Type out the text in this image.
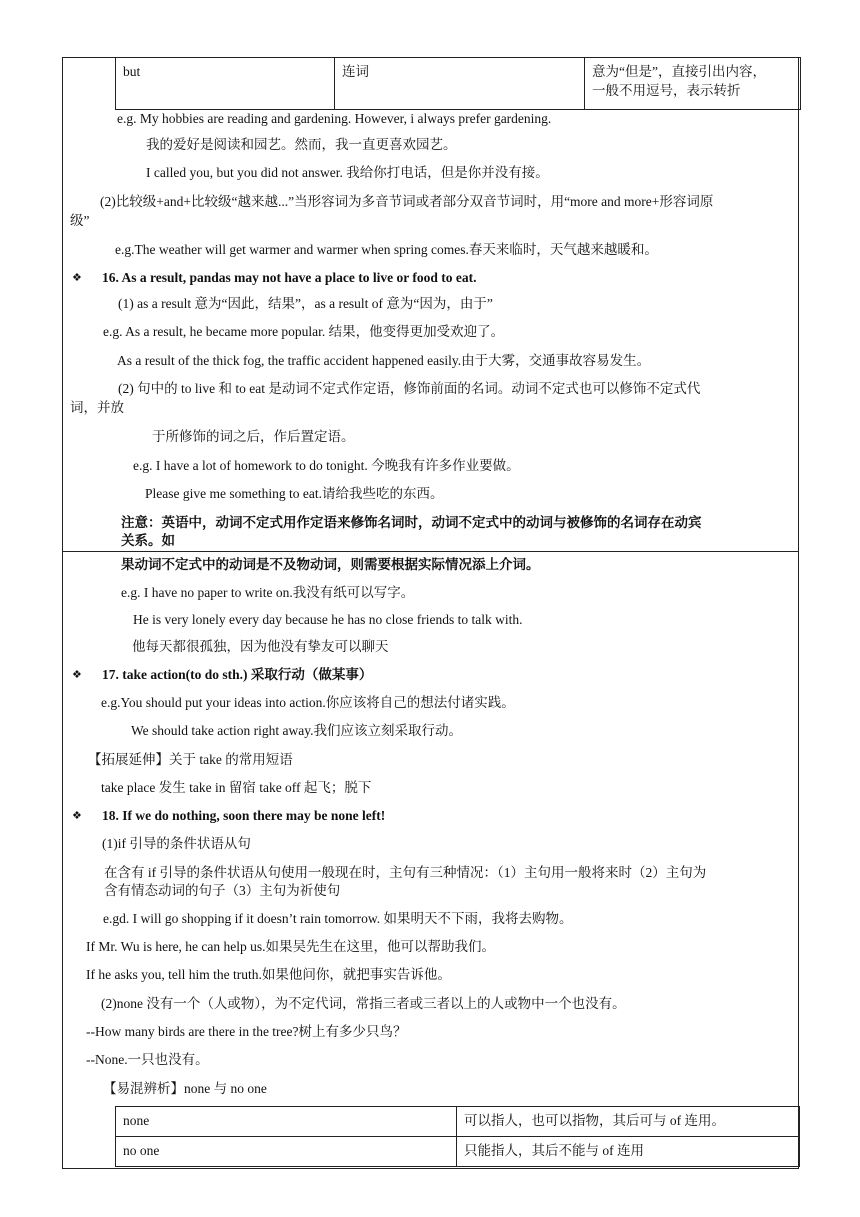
but	连词	意为“但是”，直接引出内容，
一般不用逗号，表示转折
e.g. My hobbies are reading and gardening. However, i always prefer gardening.
我的爱好是阅读和园艺。然而，我一直更喜欢园艺。
I called you, but you did not answer. 我给你打电话，但是你并没有接。
(2)比较级+and+比较级“越来越...”当形容词为多音节词或者部分双音节词时，用“more and more+形容词原
级”
e.g.The weather will get warmer and warmer when spring comes.春天来临时，天气越来越暖和。
❖ 16. As a result, pandas may not have a place to live or food to eat.
(1) as a result 意为“因此，结果”，as a result of 意为“因为，由于”
e.g. As a result, he became more popular. 结果，他变得更加受欢迎了。
As a result of the thick fog, the traffic accident happened easily.由于大雾，交通事故容易发生。
(2) 句中的 to live 和 to eat 是动词不定式作定语，修饰前面的名词。动词不定式也可以修饰不定式代
词，并放
于所修饰的词之后，作后置定语。
e.g. I have a lot of homework to do tonight. 今晚我有许多作业要做。
Please give me something to eat.请给我些吃的东西。
注意：英语中，动词不定式用作定语来修饰名词时，动词不定式中的动词与被修饰的名词存在动宾
关系。如
果动词不定式中的动词是不及物动词，则需要根据实际情况添上介词。
e.g. I have no paper to write on.我没有纸可以写字。
He is very lonely every day because he has no close friends to talk with.
他每天都很孤独，因为他没有挚友可以聊天
❖ 17. take action(to do sth.) 采取行动（做某事）
e.g.You should put your ideas into action.你应该将自己的想法付诸实践。
We should take action right away.我们应该立刻采取行动。
【拓展延伸】关于 take 的常用短语
take place 发生 take in 留宿 take off 起飞；脱下
❖ 18. If we do nothing, soon there may be none left!
(1)if 引导的条件状语从句
在含有 if 引导的条件状语从句使用一般现在时，主句有三种情况：（1）主句用一般将来时（2）主句为
含有情态动词的句子（3）主句为祈使句
e.gd. I will go shopping if it doesn’t rain tomorrow. 如果明天不下雨，我将去购物。
If Mr. Wu is here, he can help us.如果吴先生在这里，他可以帮助我们。
If he asks you, tell him the truth.如果他问你，就把事实告诉他。
(2)none 没有一个（人或物），为不定代词，常指三者或三者以上的人或物中一个也没有。
--How many birds are there in the tree?树上有多少只鸟？
--None.一只也没有。
【易混辨析】none 与 no one
none	可以指人，也可以指物，其后可与 of 连用。
no one	只能指人，其后不能与 of 连用
